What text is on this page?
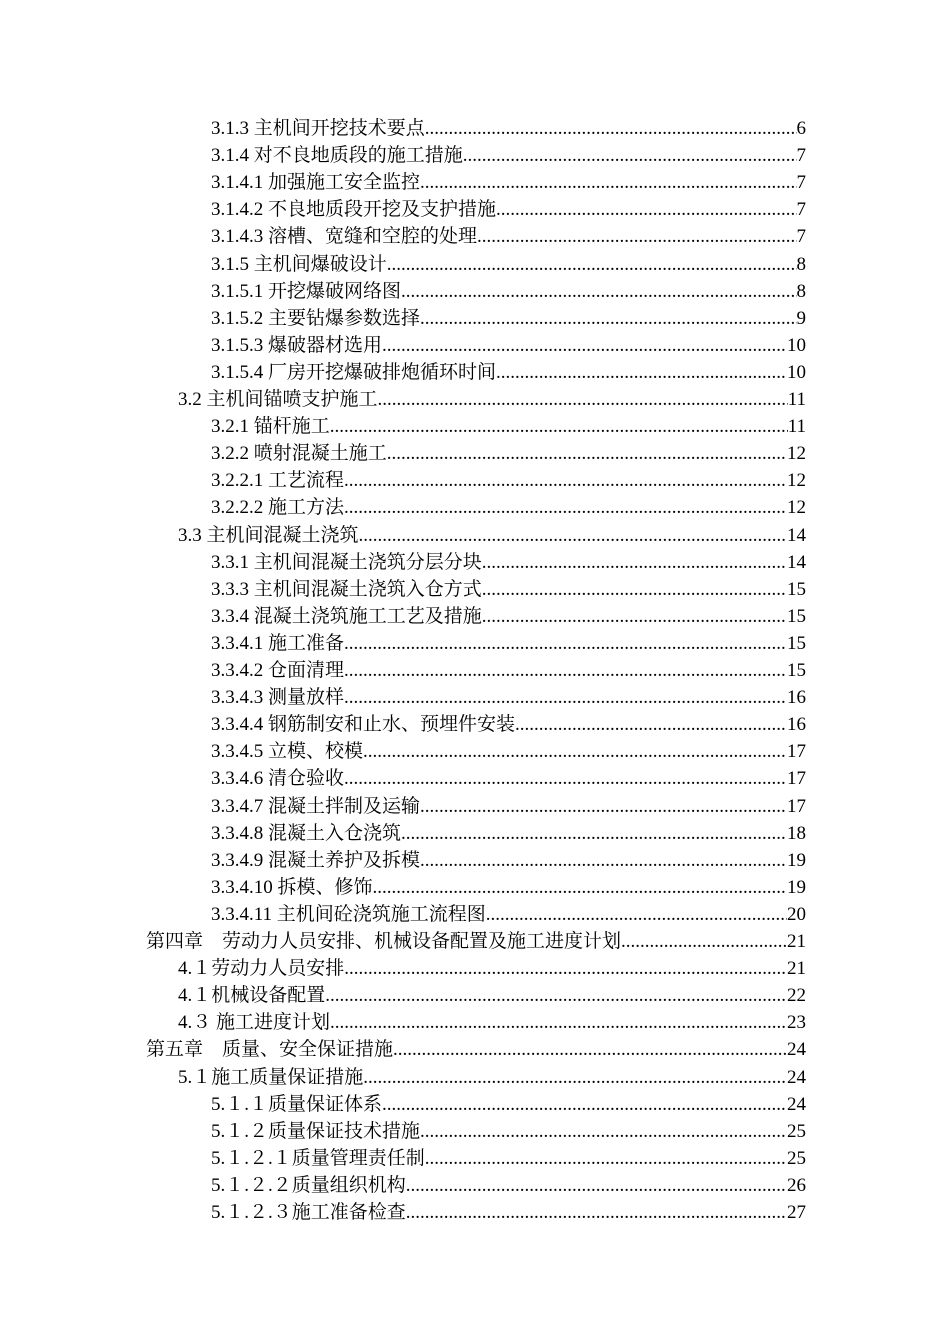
3.1.3 主机间开挖技术要点 .....	6
3.1.4 对不良地质段的施工措施 .....	7
3.1.4.1 加强施工安全监控 .....	7
3.1.4.2 不良地质段开挖及支护措施 .....	7
3.1.4.3 溶槽、宽缝和空腔的处理 .....	7
3.1.5 主机间爆破设计 .....	8
3.1.5.1 开挖爆破网络图 .....	8
3.1.5.2 主要钻爆参数选择 .....	9
3.1.5.3 爆破器材选用 .....	10
3.1.5.4 厂房开挖爆破排炮循环时间 .....	10
3.2 主机间锚喷支护施工 .....	11
3.2.1 锚杆施工 .....	11
3.2.2 喷射混凝土施工 .....	12
3.2.2.1 工艺流程 .....	12
3.2.2.2 施工方法 .....	12
3.3 主机间混凝土浇筑 .....	14
3.3.1 主机间混凝土浇筑分层分块 .....	14
3.3.3 主机间混凝土浇筑入仓方式 .....	15
3.3.4 混凝土浇筑施工工艺及措施 .....	15
3.3.4.1 施工准备 .....	15
3.3.4.2 仓面清理 .....	15
3.3.4.3 测量放样 .....	16
3.3.4.4 钢筋制安和止水、预埋件安装 .....	16
3.3.4.5 立模、校模 .....	17
3.3.4.6 清仓验收 .....	17
3.3.4.7 混凝土拌制及运输 .....	17
3.3.4.8 混凝土入仓浇筑 .....	18
3.3.4.9 混凝土养护及拆模 .....	19
3.3.4.10 拆模、修饰 .....	19
3.3.4.11 主机间砼浇筑施工流程图 .....	20
第四章　劳动力人员安排、机械设备配置及施工进度计划 .....	21
4.１劳动力人员安排 .....	21
4.１机械设备配置 .....	22
4.３ 施工进度计划 .....	23
第五章　质量、安全保证措施 .....	24
5.１施工质量保证措施 .....	24
5.１.１质量保证体系 .....	24
5.１.２质量保证技术措施 .....	25
5.１.２.１质量管理责任制 .....	25
5.１.２.２质量组织机构 .....	26
5.１.２.３施工准备检查 .....	27
